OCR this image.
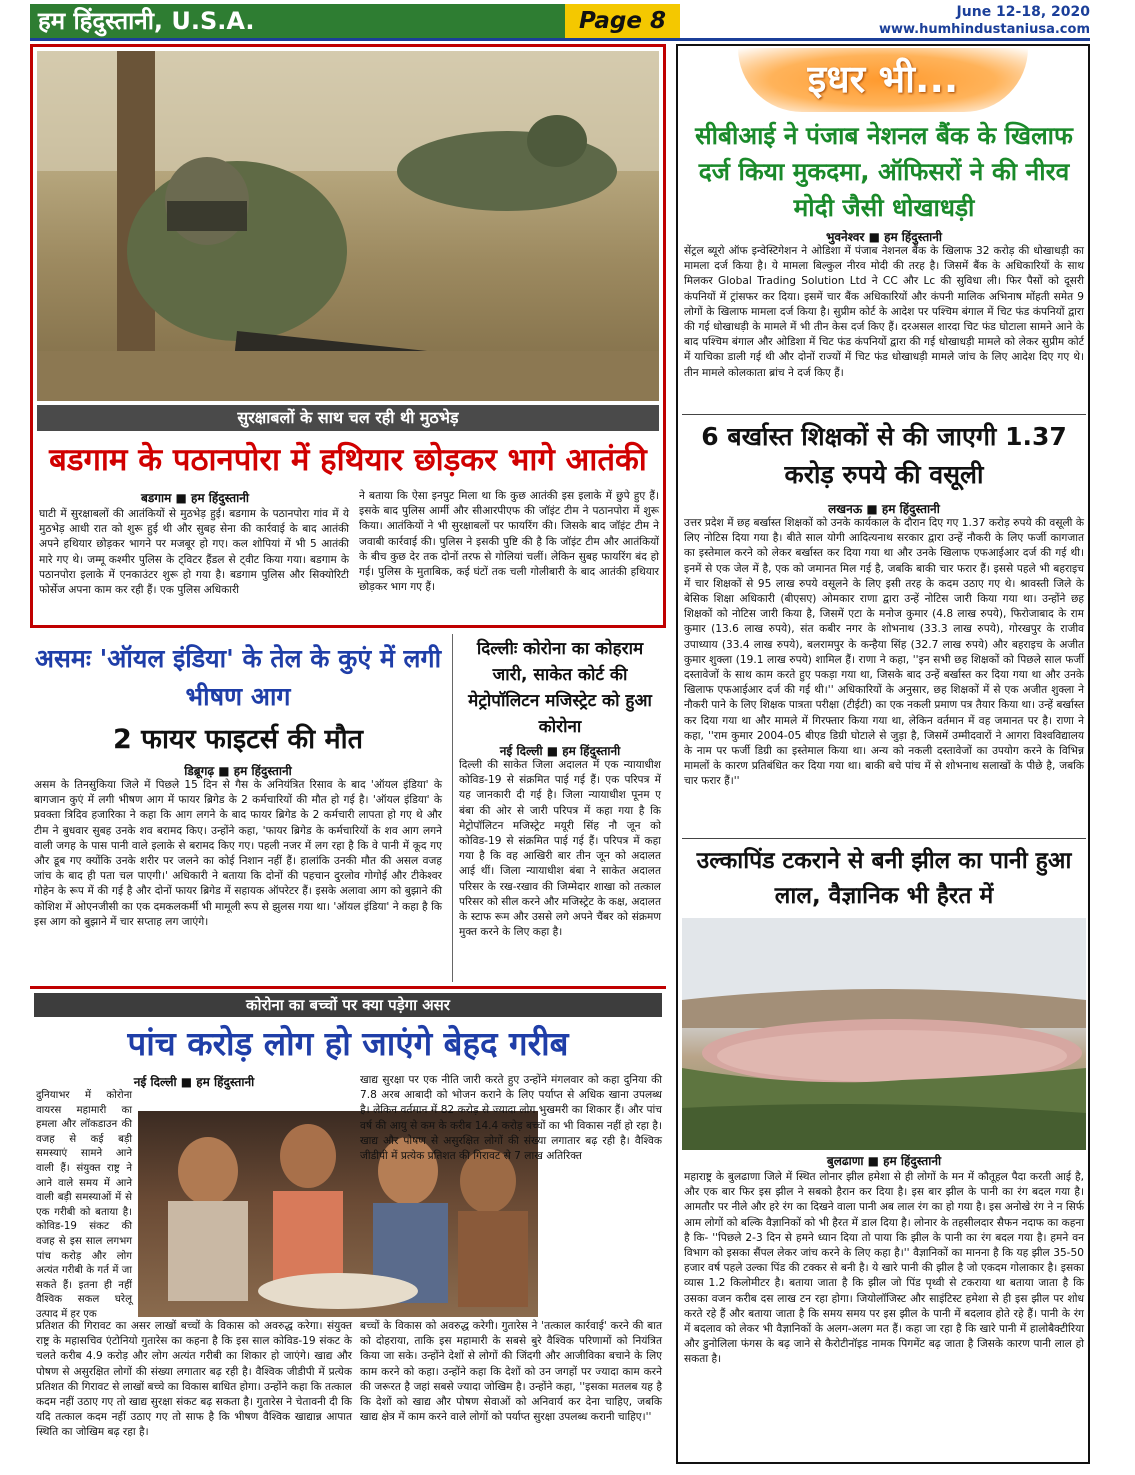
हम हिंदुस्तानी, U.S.A.	Page 8	June 12-18, 2020
www.humhindustaniusa.com
सुरक्षाबलों के साथ चल रही थी मुठभेड़
बडगाम के पठानपोरा में हथियार छोड़कर भागे आतंकी
बडगाम ■ हम हिंदुस्तानी
घाटी में सुरक्षाबलों की आतंकियों से मुठभेड़ हुई। बडगाम के पठानपोरा गांव में ये मुठभेड़ आधी रात को शुरू हुई थी और सुबह सेना की कार्रवाई के बाद आतंकी अपने हथियार छोड़कर भागने पर मजबूर हो गए। कल शोपियां में भी 5 आतंकी मारे गए थे। जम्मू कश्मीर पुलिस के ट्विटर हैंडल से ट्वीट किया गया। बडगाम के पठानपोरा इलाके में एनकाउंटर शुरू हो गया है। बडगाम पुलिस और सिक्योरिटी फोर्सेज अपना काम कर रही हैं। एक पुलिस अधिकारी
ने बताया कि ऐसा इनपुट मिला था कि कुछ आतंकी इस इलाके में छुपे हुए हैं। इसके बाद पुलिस आर्मी और सीआरपीएफ की जॉइंट टीम ने पठानपोरा में शुरू किया। आतंकियों ने भी सुरक्षाबलों पर फायरिंग की। जिसके बाद जॉइंट टीम ने जवाबी कार्रवाई की। पुलिस ने इसकी पुष्टि की है कि जॉइंट टीम और आतंकियों के बीच कुछ देर तक दोनों तरफ से गोलियां चलीं। लेकिन सुबह फायरिंग बंद हो गई। पुलिस के मुताबिक, कई घंटों तक चली गोलीबारी के बाद आतंकी हथियार छोड़कर भाग गए हैं।
इधर भी...
सीबीआई ने पंजाब नेशनल बैंक के खिलाफ दर्ज किया मुकदमा, ऑफिसरों ने की नीरव मोदी जैसी धोखाधड़ी
भुवनेश्वर ■ हम हिंदुस्तानी
सेंट्रल ब्यूरो ऑफ इन्वेस्टिगेशन ने ओडिशा में पंजाब नेशनल बैंक के खिलाफ 32 करोड़ की धोखाधड़ी का मामला दर्ज किया है। ये मामला बिल्कुल नीरव मोदी की तरह है। जिसमें बैंक के अधिकारियों के साथ मिलकर Global Trading Solution Ltd ने CC और Lc की सुविधा ली। फिर पैसों को दूसरी कंपनियों में ट्रांसफर कर दिया। इसमें चार बैंक अधिकारियों और कंपनी मालिक अभिनाष मोंहती समेत 9 लोगों के खिलाफ मामला दर्ज किया है। सुप्रीम कोर्ट के आदेश पर पश्चिम बंगाल में चिट फंड कंपनियों द्वारा की गई धोखाधड़ी के मामले में भी तीन केस दर्ज किए हैं। दरअसल शारदा चिट फंड घोटाला सामने आने के बाद पश्चिम बंगाल और ओडिशा में चिट फंड कंपनियों द्वारा की गई धोखाधड़ी मामले को लेकर सुप्रीम कोर्ट में याचिका डाली गई थी और दोनों राज्यों में चिट फंड धोखाधड़ी मामले जांच के लिए आदेश दिए गए थे। तीन मामले कोलकाता ब्रांच ने दर्ज किए हैं।
6 बर्खास्त शिक्षकों से की जाएगी 1.37 करोड़ रुपये की वसूली
लखनऊ ■ हम हिंदुस्तानी
उत्तर प्रदेश में छह बर्खास्त शिक्षकों को उनके कार्यकाल के दौरान दिए गए 1.37 करोड़ रुपये की वसूली के लिए नोटिस दिया गया है। बीते साल योगी आदित्यनाथ सरकार द्वारा उन्हें नौकरी के लिए फर्जी कागजात का इस्तेमाल करने को लेकर बर्खास्त कर दिया गया था और उनके खिलाफ एफआईआर दर्ज की गई थी। इनमें से एक जेल में है, एक को जमानत मिल गई है, जबकि बाकी चार फरार हैं। इससे पहले भी बहराइच में चार शिक्षकों से 95 लाख रुपये वसूलने के लिए इसी तरह के कदम उठाए गए थे। श्रावस्ती जिले के बेसिक शिक्षा अधिकारी (बीएसए) ओमकार राणा द्वारा उन्हें नोटिस जारी किया गया था। उन्होंने छह शिक्षकों को नोटिस जारी किया है, जिसमें एटा के मनोज कुमार (4.8 लाख रुपये), फिरोजाबाद के राम कुमार (13.6 लाख रुपये), संत कबीर नगर के शोभनाथ (33.3 लाख रुपये), गोरखपुर के राजीव उपाध्याय (33.4 लाख रुपये), बलरामपुर के कन्हैया सिंह (32.7 लाख रुपये) और बहराइच के अजीत कुमार शुक्ला (19.1 लाख रुपये) शामिल हैं। राणा ने कहा, ''इन सभी छह शिक्षकों को पिछले साल फर्जी दस्तावेजों के साथ काम करते हुए पकड़ा गया था, जिसके बाद उन्हें बर्खास्त कर दिया गया था और उनके खिलाफ एफआईआर दर्ज की गई थी।'' अधिकारियों के अनुसार, छह शिक्षकों में से एक अजीत शुक्ला ने नौकरी पाने के लिए शिक्षक पात्रता परीक्षा (टीईटी) का एक नकली प्रमाण पत्र तैयार किया था। उन्हें बर्खास्त कर दिया गया था और मामले में गिरफ्तार किया गया था, लेकिन वर्तमान में वह जमानत पर है। राणा ने कहा, ''राम कुमार 2004-05 बीएड डिग्री घोटाले से जुड़ा है, जिसमें उम्मीदवारों ने आगरा विश्वविद्यालय के नाम पर फर्जी डिग्री का इस्तेमाल किया था। अन्य को नकली दस्तावेजों का उपयोग करने के विभिन्न मामलों के कारण प्रतिबंधित कर दिया गया था। बाकी बचे पांच में से शोभनाथ सलाखों के पीछे है, जबकि चार फरार हैं।''
उल्कापिंड टकराने से बनी झील का पानी हुआ लाल, वैज्ञानिक भी हैरत में
बुलढाणा ■ हम हिंदुस्तानी
महाराष्ट्र के बुलढाणा जिले में स्थित लोनार झील हमेशा से ही लोगों के मन में कौतूहल पैदा करती आई है, और एक बार फिर इस झील ने सबको हैरान कर दिया है। इस बार झील के पानी का रंग बदल गया है। आमतौर पर नीले और हरे रंग का दिखने वाला पानी अब लाल रंग का हो गया है। इस अनोखे रंग ने न सिर्फ आम लोगों को बल्कि वैज्ञानिकों को भी हैरत में डाल दिया है। लोनार के तहसीलदार सैफन नदाफ का कहना है कि- ''पिछले 2-3 दिन से हमने ध्यान दिया तो पाया कि झील के पानी का रंग बदल गया है। हमने वन विभाग को इसका सैंपल लेकर जांच करने के लिए कहा है।'' वैज्ञानिकों का मानना है कि यह झील 35-50 हजार वर्ष पहले उल्का पिंड की टक्कर से बनी है। ये खारे पानी की झील है जो एकदम गोलाकार है। इसका व्यास 1.2 किलोमीटर है। बताया जाता है कि झील जो पिंड पृथ्वी से टकराया था बताया जाता है कि उसका वजन करीब दस लाख टन रहा होगा। जियोलॉजिस्ट और साइंटिस्ट हमेशा से ही इस झील पर शोध करते रहे हैं और बताया जाता है कि समय समय पर इस झील के पानी में बदलाव होते रहे हैं। पानी के रंग में बदलाव को लेकर भी वैज्ञानिकों के अलग-अलग मत हैं। कहा जा रहा है कि खारे पानी में हालोबैक्टीरिया और डुनोलिला फंगस के बढ़ जाने से कैरोटीनॉइड नामक पिगमेंट बढ़ जाता है जिसके कारण पानी लाल हो सकता है।
असमः 'ऑयल इंडिया' के तेल के कुएं में लगी भीषण आग
2 फायर फाइटर्स की मौत
डिब्रूगढ़ ■ हम हिंदुस्तानी
असम के तिनसुकिया जिले में पिछले 15 दिन से गैस के अनियंत्रित रिसाव के बाद 'ऑयल इंडिया' के बागजान कुएं में लगी भीषण आग में फायर ब्रिगेड के 2 कर्मचारियों की मौत हो गई है। 'ऑयल इंडिया' के प्रवक्ता त्रिदिव हजारिका ने कहा कि आग लगने के बाद फायर ब्रिगेड के 2 कर्मचारी लापता हो गए थे और टीम ने बुधवार सुबह उनके शव बरामद किए। उन्होंने कहा, 'फायर ब्रिगेड के कर्मचारियों के शव आग लगने वाली जगह के पास पानी वाले इलाके से बरामद किए गए। पहली नजर में लग रहा है कि वे पानी में कूद गए और डूब गए क्योंकि उनके शरीर पर जलने का कोई निशान नहीं हैं। हालांकि उनकी मौत की असल वजह जांच के बाद ही पता चल पाएगी।' अधिकारी ने बताया कि दोनों की पहचान दुरलोव गोगोई और टीकेश्वर गोहेन के रूप में की गई है और दोनों फायर ब्रिगेड में सहायक ऑपरेटर हैं। इसके अलावा आग को बुझाने की कोशिश में ओएनजीसी का एक दमकलकर्मी भी मामूली रूप से झुलस गया था। 'ऑयल इंडिया' ने कहा है कि इस आग को बुझाने में चार सप्ताह लग जाएंगे।
दिल्लीः कोरोना का कोहराम जारी, साकेत कोर्ट की मेट्रोपॉलिटन मजिस्ट्रेट को हुआ कोरोना
नई दिल्ली ■ हम हिंदुस्तानी
दिल्ली की साकेत जिला अदालत में एक न्यायाधीश कोविड-19 से संक्रमित पाई गई हैं। एक परिपत्र में यह जानकारी दी गई है। जिला न्यायाधीश पूनम ए बंबा की ओर से जारी परिपत्र में कहा गया है कि मेट्रोपॉलिटन मजिस्ट्रेट मयूरी सिंह नौ जून को कोविड-19 से संक्रमित पाई गई हैं। परिपत्र में कहा गया है कि वह आखिरी बार तीन जून को अदालत आई थीं। जिला न्यायाधीश बंबा ने साकेत अदालत परिसर के रख-रखाव की जिम्मेदार शाखा को तत्काल परिसर को सील करने और मजिस्ट्रेट के कक्ष, अदालत के स्टाफ रूम और उससे लगे अपने चैंबर को संक्रमण मुक्त करने के लिए कहा है।
कोरोना का बच्चों पर क्या पड़ेगा असर
पांच करोड़ लोग हो जाएंगे बेहद गरीब
नई दिल्ली ■ हम हिंदुस्तानी
दुनियाभर में कोरोना वायरस महामारी का हमला और लॉकडाउन की वजह से कई बड़ी समस्याएं सामने आने वाली हैं। संयुक्त राष्ट्र ने आने वाले समय में आने वाली बड़ी समस्याओं में से एक गरीबी को बताया है। कोविड-19 संकट की वजह से इस साल लगभग पांच करोड़ और लोग अत्यंत गरीबी के गर्त में जा सकते हैं। इतना ही नहीं वैश्विक सकल घरेलू उत्पाद में हर एक
प्रतिशत की गिरावट का असर लाखों बच्चों के विकास को अवरुद्ध करेगा। संयुक्त राष्ट्र के महासचिव एंटोनियो गुतारेस का कहना है कि इस साल कोविड-19 संकट के चलते करीब 4.9 करोड़ और लोग अत्यंत गरीबी का शिकार हो जाएंगे। खाद्य और पोषण से असुरक्षित लोगों की संख्या लगातार बढ़ रही है। वैश्विक जीडीपी में प्रत्येक प्रतिशत की गिरावट से लाखों बच्चे का विकास बाधित होगा। उन्होंने कहा कि तत्काल कदम नहीं उठाए गए तो खाद्य सुरक्षा संकट बढ़ सकता है। गुतारेस ने चेतावनी दी कि यदि तत्काल कदम नहीं उठाए गए तो साफ है कि भीषण वैश्विक खाद्यान्न आपात स्थिति का जोखिम बढ़ रहा है।
खाद्य सुरक्षा पर एक नीति जारी करते हुए उन्होंने मंगलवार को कहा दुनिया की 7.8 अरब आबादी को भोजन कराने के लिए पर्याप्त से अधिक खाना उपलब्ध है। लेकिन वर्तमान में 82 करोड़ से ज्यादा लोग भुखमरी का शिकार हैं। और पांच वर्ष की आयु से कम के करीब 14.4 करोड़ बच्चों का भी विकास नहीं हो रहा है। खाद्य और पोषण से असुरक्षित लोगों की संख्या लगातार बढ़ रही है। वैश्विक जीडीपी में प्रत्येक प्रतिशत की गिरावट से 7 लाख अतिरिक्त
बच्चों के विकास को अवरुद्ध करेगी। गुतारेस ने 'तत्काल कार्रवाई' करने की बात को दोहराया, ताकि इस महामारी के सबसे बुरे वैश्विक परिणामों को नियंत्रित किया जा सके। उन्होंने देशों से लोगों की जिंदगी और आजीविका बचाने के लिए काम करने को कहा। उन्होंने कहा कि देशों को उन जगहों पर ज्यादा काम करने की जरूरत है जहां सबसे ज्यादा जोखिम है। उन्होंने कहा, ''इसका मतलब यह है कि देशों को खाद्य और पोषण सेवाओं को अनिवार्य कर देना चाहिए, जबकि खाद्य क्षेत्र में काम करने वाले लोगों को पर्याप्त सुरक्षा उपलब्ध करानी चाहिए।''
